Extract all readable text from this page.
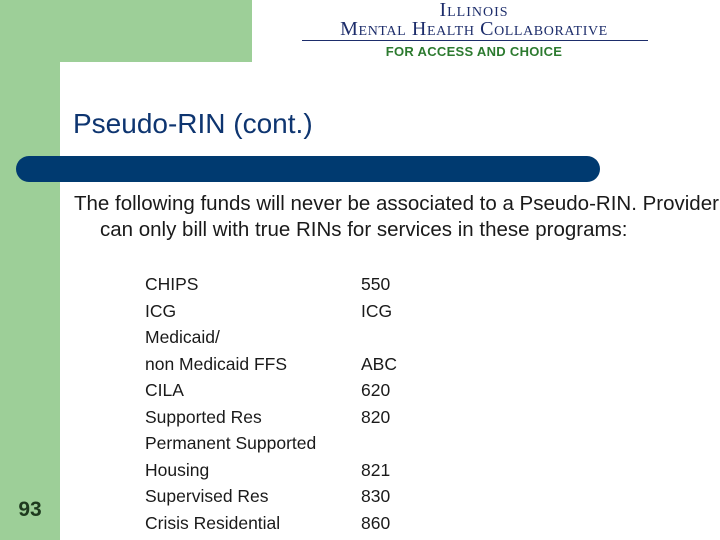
Illinois
Mental Health Collaborative
FOR ACCESS AND CHOICE
Pseudo-RIN (cont.)
The following funds will never be associated to a Pseudo-RIN. Provider can only bill with true RINs for services in these programs:
CHIPS
ICG
Medicaid/
non Medicaid FFS
CILA
Supported Res
Permanent Supported
Housing
Supervised Res
Crisis Residential
550
ICG
ABC
620
820
821
830
860
93
